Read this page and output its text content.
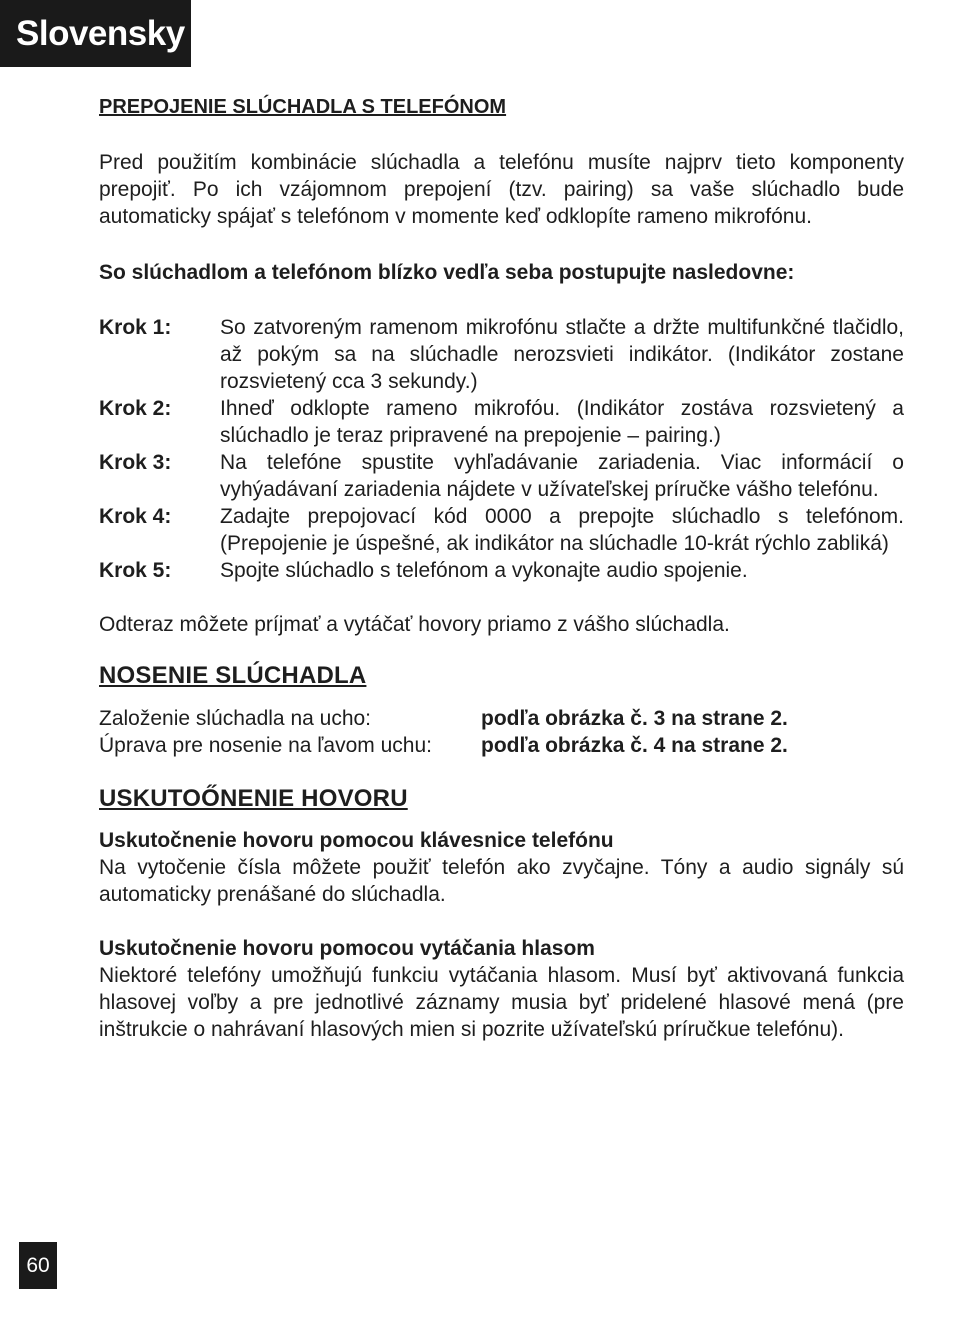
Slovensky
PREPOJENIE SLÚCHADLA S TELEFÓNOM

Pred použitím kombinácie slúchadla a telefónu musíte najprv tieto komponenty prepojiť. Po ich vzájomnom prepojení (tzv. pairing) sa vaše slúchadlo bude automaticky spájať s telefónom v momente keď odklopíte rameno mikrofónu.

So slúchadlom a telefónom blízko vedľa seba postupujte nasledovne:

Krok 1:	So zatvoreným ramenom mikrofónu stlačte a držte multifunkčné tlačidlo, až pokým sa na slúchadle nerozsvieti indikátor. (Indikátor zostane rozsvietený cca 3 sekundy.)
Krok 2:	Ihneď odklopte rameno mikrofóu. (Indikátor zostáva rozsvietený a slúchadlo je teraz pripravené na prepojenie – pairing.)
Krok 3:	Na telefóne spustite vyhľadávanie zariadenia. Viac informácií o vyhýadávaní zariadenia nájdete v užívateľskej príručke vášho telefónu.
Krok 4:	Zadajte prepojovací kód 0000 a prepojte slúchadlo s telefónom. (Prepojenie je úspešné, ak indikátor na slúchadle 10-krát rýchlo zabliká)
Krok 5:	Spojte slúchadlo s telefónom a vykonajte audio spojenie.

Odteraz môžete príjmať a vytáčať hovory priamo z vášho slúchadla.

NOSENIE SLÚCHADLA
Založenie slúchadla na ucho:	podľa obrázka č. 3 na strane 2.
Úprava pre nosenie na ľavom uchu:	podľa obrázka č. 4 na strane 2.
USKUTOŐNENIE HOVORU

Uskutočnenie hovoru pomocou klávesnice telefónu

Na vytočenie čísla môžete použiť telefón ako zvyčajne. Tóny a audio signály sú automaticky prenášané do slúchadla.

Uskutočnenie hovoru pomocou vytáčania hlasom

Niektoré telefóny umožňujú funkciu vytáčania hlasom. Musí byť aktivovaná funkcia hlasovej voľby a pre jednotlivé záznamy musia byť pridelené hlasové mená (pre inštrukcie o nahrávaní hlasových mien si pozrite užívateľskú príručkue telefónu).

60
